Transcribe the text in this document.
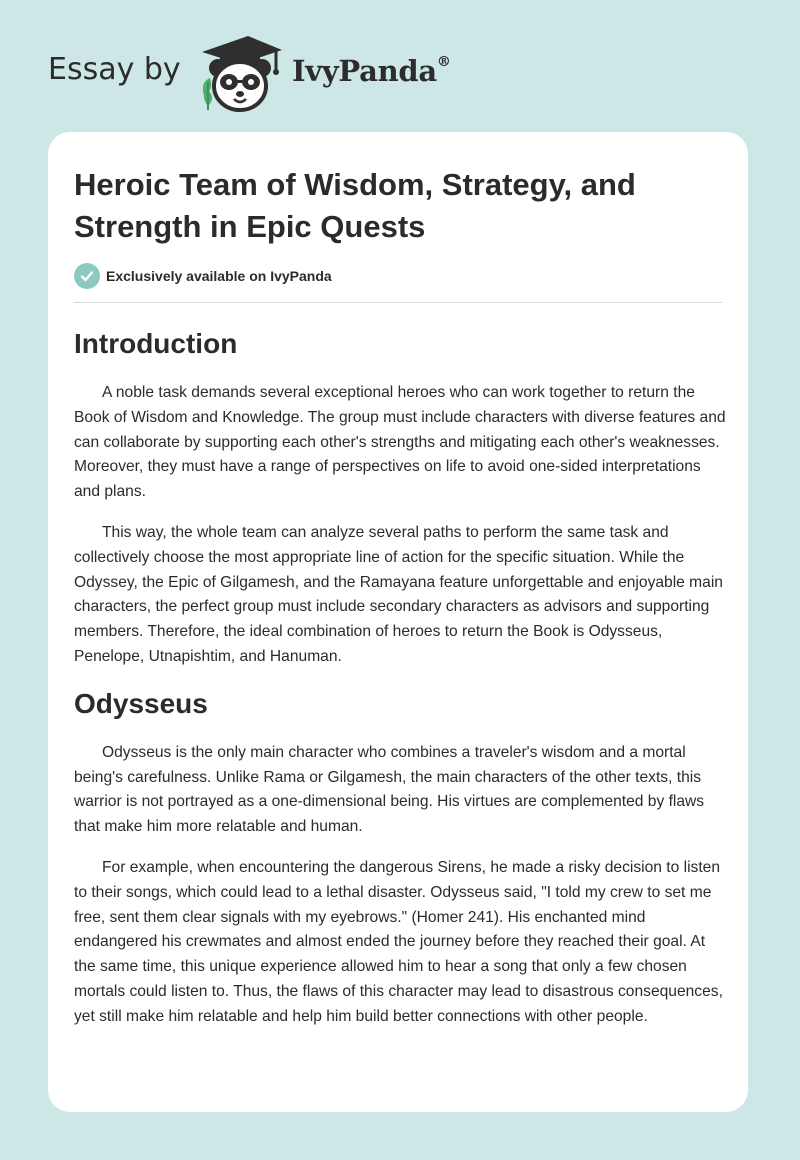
Essay by	IvyPanda®
Heroic Team of Wisdom, Strategy, and Strength in Epic Quests
Exclusively available on IvyPanda
Introduction

A noble task demands several exceptional heroes who can work together to return the Book of Wisdom and Knowledge. The group must include characters with diverse features and can collaborate by supporting each other's strengths and mitigating each other's weaknesses. Moreover, they must have a range of perspectives on life to avoid one-sided interpretations and plans.

This way, the whole team can analyze several paths to perform the same task and collectively choose the most appropriate line of action for the specific situation. While the Odyssey, the Epic of Gilgamesh, and the Ramayana feature unforgettable and enjoyable main characters, the perfect group must include secondary characters as advisors and supporting members. Therefore, the ideal combination of heroes to return the Book is Odysseus, Penelope, Utnapishtim, and Hanuman.

Odysseus

Odysseus is the only main character who combines a traveler's wisdom and a mortal being's carefulness. Unlike Rama or Gilgamesh, the main characters of the other texts, this warrior is not portrayed as a one-dimensional being. His virtues are complemented by flaws that make him more relatable and human.

For example, when encountering the dangerous Sirens, he made a risky decision to listen to their songs, which could lead to a lethal disaster. Odysseus said, "I told my crew to set me free, sent them clear signals with my eyebrows." (Homer 241). His enchanted mind endangered his crewmates and almost ended the journey before they reached their goal. At the same time, this unique experience allowed him to hear a song that only a few chosen mortals could listen to. Thus, the flaws of this character may lead to disastrous consequences, yet still make him relatable and help him build better connections with other people.
